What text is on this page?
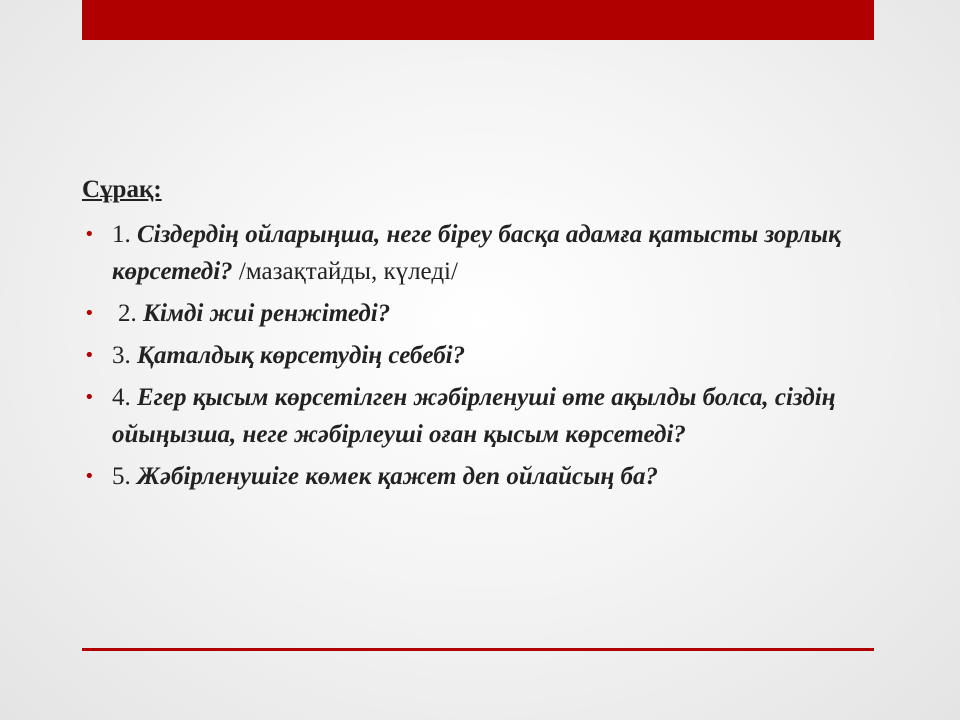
Сұрақ:
• 1. Сіздердің ойларыңша, неге біреу басқа адамға қатысты зорлық көрсетеді? /мазақтайды, күледі/
• 2. Кімді жиі ренжітеді?
• 3. Қаталдық көрсетудің себебі?
• 4. Егер қысым көрсетілген жәбірленуші өте ақылды болса, сіздің ойыңызша, неге жәбірлеуші оған қысым көрсетеді?
• 5. Жәбірленушіге көмек қажет деп ойлайсың ба?
